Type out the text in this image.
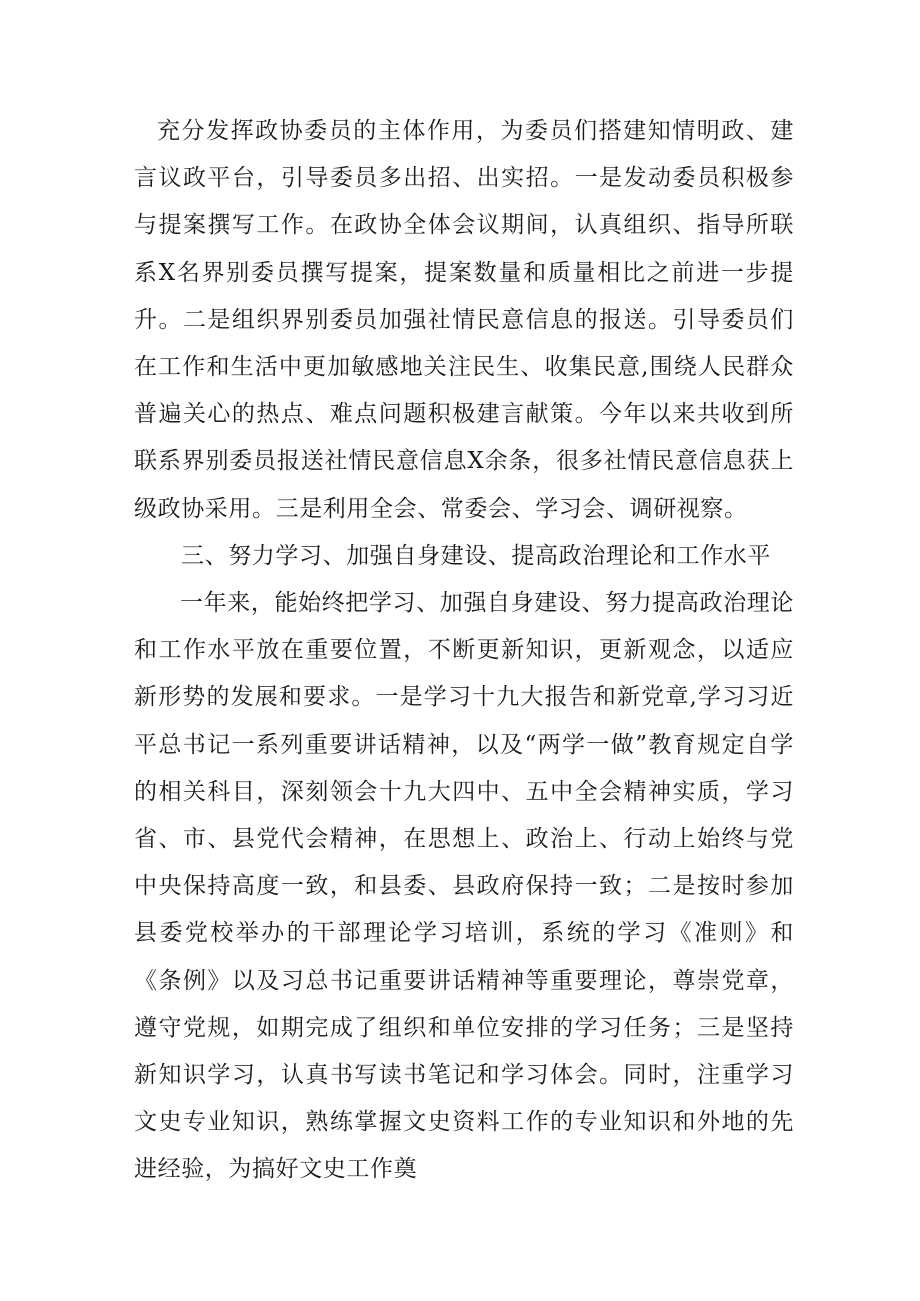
充分发挥政协委员的主体作用，为委员们搭建知情明政、建言议政平台，引导委员多出招、出实招。一是发动委员积极参与提案撰写工作。在政协全体会议期间，认真组织、指导所联系X名界别委员撰写提案，提案数量和质量相比之前进一步提升。二是组织界别委员加强社情民意信息的报送。引导委员们在工作和生活中更加敏感地关注民生、收集民意,围绕人民群众普遍关心的热点、难点问题积极建言献策。今年以来共收到所联系界别委员报送社情民意信息X余条，很多社情民意信息获上级政协采用。三是利用全会、常委会、学习会、调研视察。

三、努力学习、加强自身建设、提高政治理论和工作水平

一年来，能始终把学习、加强自身建设、努力提高政治理论和工作水平放在重要位置，不断更新知识，更新观念，以适应新形势的发展和要求。一是学习十九大报告和新党章,学习习近平总书记一系列重要讲话精神，以及“两学一做”教育规定自学的相关科目，深刻领会十九大四中、五中全会精神实质，学习省、市、县党代会精神，在思想上、政治上、行动上始终与党中央保持高度一致，和县委、县政府保持一致；二是按时参加县委党校举办的干部理论学习培训，系统的学习《准则》和《条例》以及习总书记重要讲话精神等重要理论，尊崇党章，遵守党规，如期完成了组织和单位安排的学习任务；三是坚持新知识学习，认真书写读书笔记和学习体会。同时，注重学习文史专业知识，熟练掌握文史资料工作的专业知识和外地的先进经验，为搞好文史工作奠
